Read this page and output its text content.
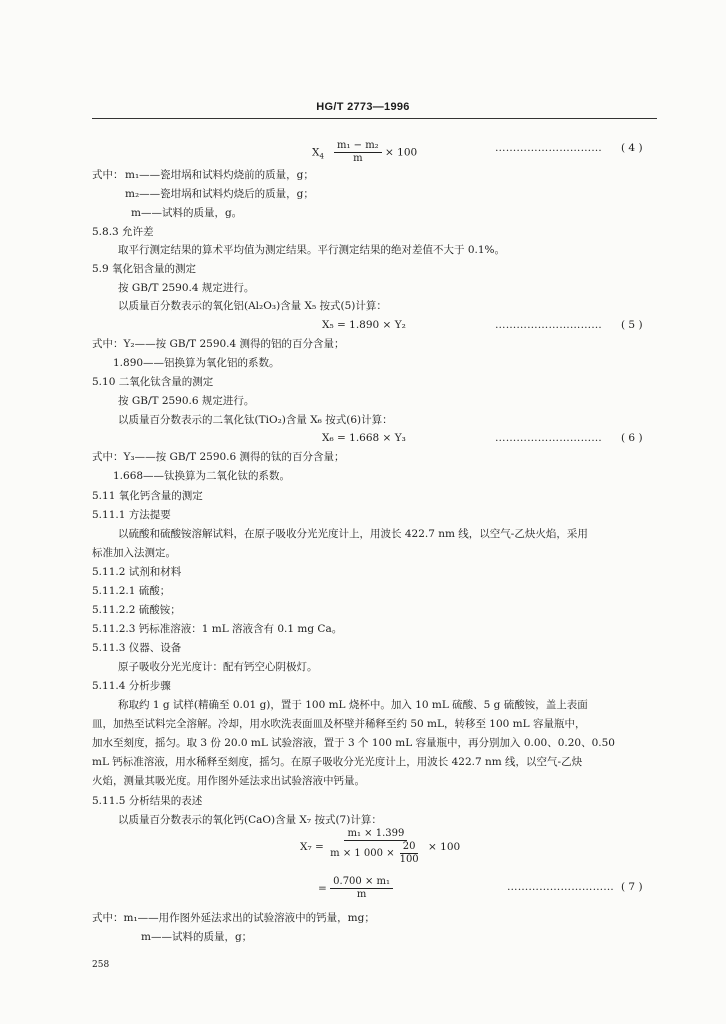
HG/T 2773—1996
$X_4 \frac{\text{m₁ − m₂}}{m} \times 100$	………………………… ( 4 )
式中： m₁——瓷坩埚和试料灼烧前的质量，g；
m₂——瓷坩埚和试料灼烧后的质量，g；
m——试料的质量，g。
5.8.3 允许差
取平行测定结果的算术平均值为测定结果。平行测定结果的绝对差值不大于 0.1%。
5.9 氧化铝含量的测定
按 GB/T 2590.4 规定进行。
以质量百分数表示的氧化铝(Al₂O₃)含量 X₅ 按式(5)计算：
X₅ = 1.890 × Y₂	………………………… ( 5 )
式中：Y₂——按 GB/T 2590.4 测得的铝的百分含量；
1.890——铝换算为氧化铝的系数。
5.10 二氧化钛含量的测定
按 GB/T 2590.6 规定进行。
以质量百分数表示的二氧化钛(TiO₂)含量 X₆ 按式(6)计算：
X₆ = 1.668 × Y₃	………………………… ( 6 )
式中：Y₃——按 GB/T 2590.6 测得的钛的百分含量；
1.668——钛换算为二氧化钛的系数。
5.11 氧化钙含量的测定
5.11.1 方法提要
以硫酸和硫酸铵溶解试料，在原子吸收分光光度计上，用波长 422.7 nm 线，以空气-乙炔火焰，采用
标准加入法测定。
5.11.2 试剂和材料
5.11.2.1 硫酸；
5.11.2.2 硫酸铵；
5.11.2.3 钙标准溶液：1 mL 溶液含有 0.1 mg Ca。
5.11.3 仪器、设备
原子吸收分光光度计：配有钙空心阴极灯。
5.11.4 分析步骤
称取约 1 g 试样(精确至 0.01 g)，置于 100 mL 烧杯中。加入 10 mL 硫酸、5 g 硫酸铵，盖上表面
皿，加热至试料完全溶解。冷却，用水吹洗表面皿及杯壁并稀释至约 50 mL，转移至 100 mL 容量瓶中，
加水至刻度，摇匀。取 3 份 20.0 mL 试验溶液，置于 3 个 100 mL 容量瓶中，再分别加入 0.00、0.20、0.50
mL 钙标准溶液，用水稀释至刻度，摇匀。在原子吸收分光光度计上，用波长 422.7 nm 线，以空气-乙炔
火焰，测量其吸光度。用作图外延法求出试验溶液中钙量。
5.11.5 分析结果的表述
以质量百分数表示的氧化钙(CaO)含量 X₇ 按式(7)计算：
$X_7 = \frac{\text{m₁ × 1.399}}{m \times 1 000 \times \frac{20}{100}} \times 100$
= $\frac{\text{0.700 × m₁}}{m}$	………………………… ( 7 )
式中：m₁——用作图外延法求出的试验溶液中的钙量，mg；
m——试料的质量，g；
258
